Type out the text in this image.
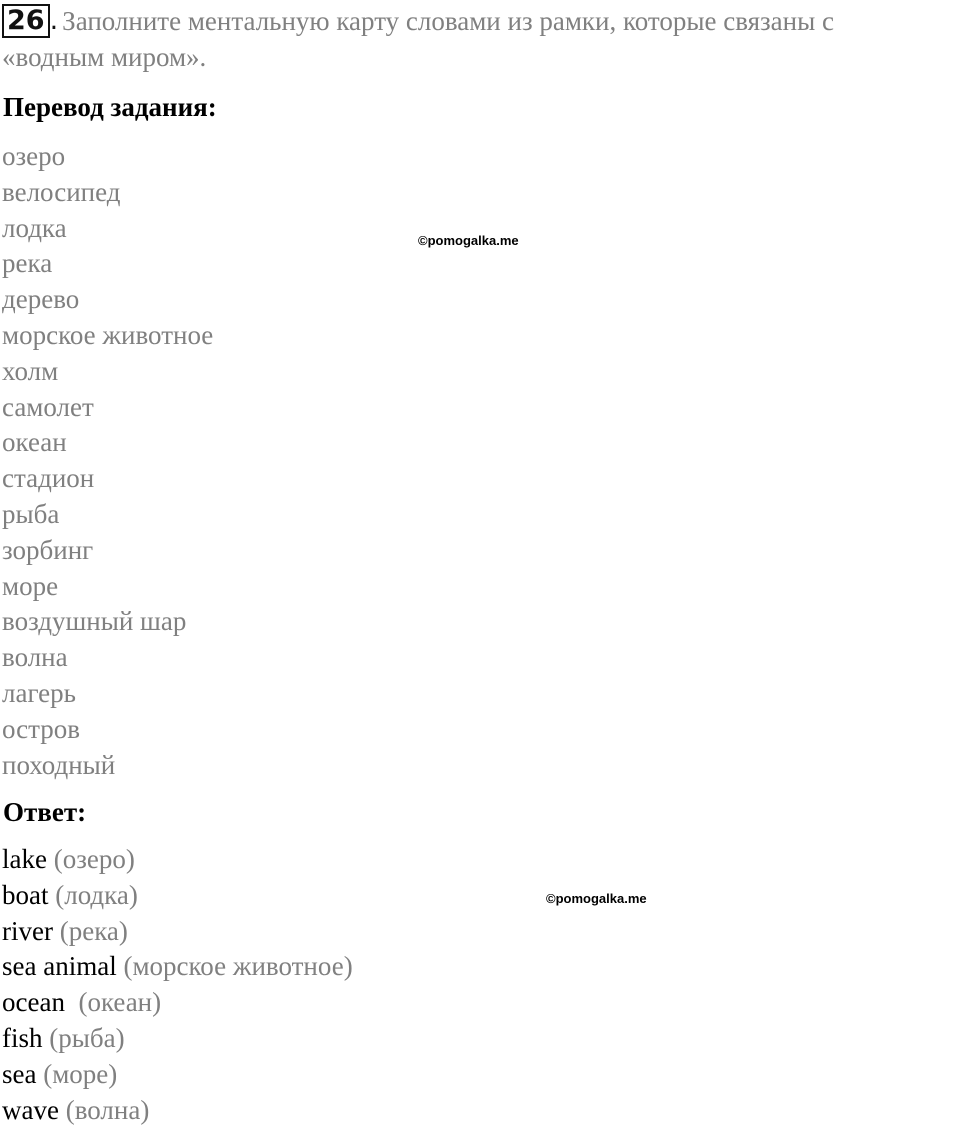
26 . Заполните ментальную карту словами из рамки, которые связаны с
«водным миром».
Перевод задания:
озеро
велосипед
лодка
река
дерево
морское животное
холм
самолет
океан
стадион
рыба
зорбинг
море
воздушный шар
волна
лагерь
остров
походный
Ответ:
lake (озеро)
boat (лодка)
river (река)
sea animal (морское животное)
ocean  (океан)
fish (рыба)
sea (море)
wave (волна)
©pomogalka.me
©pomogalka.me
